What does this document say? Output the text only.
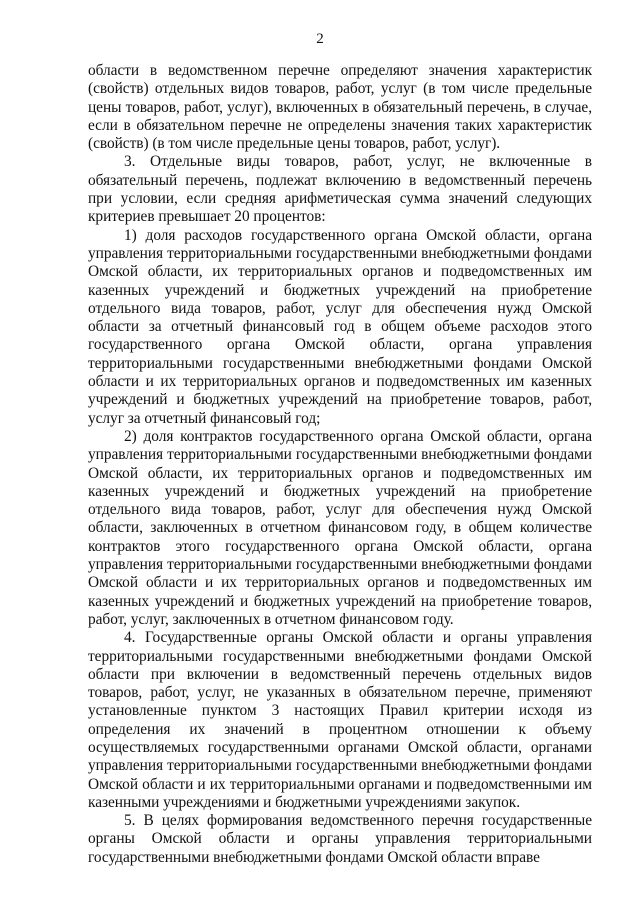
2

области в ведомственном перечне определяют значения характеристик (свойств) отдельных видов товаров, работ, услуг (в том числе предельные цены товаров, работ, услуг), включенных в обязательный перечень, в случае, если в обязательном перечне не определены значения таких характеристик (свойств) (в том числе предельные цены товаров, работ, услуг).

3. Отдельные виды товаров, работ, услуг, не включенные в обязательный перечень, подлежат включению в ведомственный перечень при условии, если средняя арифметическая сумма значений следующих критериев превышает 20 процентов:

1) доля расходов государственного органа Омской области, органа управления территориальными государственными внебюджетными фондами Омской области, их территориальных органов и подведомственных им казенных учреждений и бюджетных учреждений на приобретение отдельного вида товаров, работ, услуг для обеспечения нужд Омской области за отчетный финансовый год в общем объеме расходов этого государственного органа Омской области, органа управления территориальными государственными внебюджетными фондами Омской области и их территориальных органов и подведомственных им казенных учреждений и бюджетных учреждений на приобретение товаров, работ, услуг за отчетный финансовый год;

2) доля контрактов государственного органа Омской области, органа управления территориальными государственными внебюджетными фондами Омской области, их территориальных органов и подведомственных им казенных учреждений и бюджетных учреждений на приобретение отдельного вида товаров, работ, услуг для обеспечения нужд Омской области, заключенных в отчетном финансовом году, в общем количестве контрактов этого государственного органа Омской области, органа управления территориальными государственными внебюджетными фондами Омской области и их территориальных органов и подведомственных им казенных учреждений и бюджетных учреждений на приобретение товаров, работ, услуг, заключенных в отчетном финансовом году.

4. Государственные органы Омской области и органы управления территориальными государственными внебюджетными фондами Омской области при включении в ведомственный перечень отдельных видов товаров, работ, услуг, не указанных в обязательном перечне, применяют установленные пунктом 3 настоящих Правил критерии исходя из определения их значений в процентном отношении к объему осуществляемых государственными органами Омской области, органами управления территориальными государственными внебюджетными фондами Омской области и их территориальными органами и подведомственными им казенными учреждениями и бюджетными учреждениями закупок.

5. В целях формирования ведомственного перечня государственные органы Омской области и органы управления территориальными государственными внебюджетными фондами Омской области вправе
